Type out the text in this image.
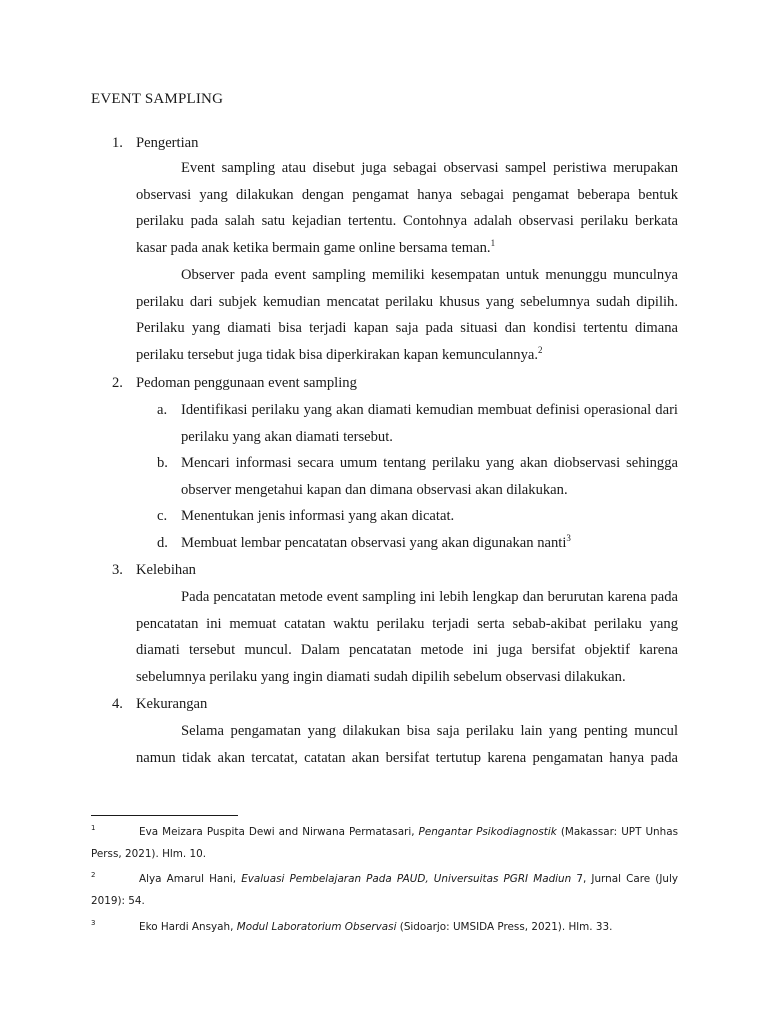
EVENT SAMPLING
1. Pengertian
Event sampling atau disebut juga sebagai observasi sampel peristiwa merupakan observasi yang dilakukan dengan pengamat hanya sebagai pengamat beberapa bentuk perilaku pada salah satu kejadian tertentu. Contohnya adalah observasi perilaku berkata kasar pada anak ketika bermain game online bersama teman.$^1$
Observer pada event sampling memiliki kesempatan untuk menunggu munculnya perilaku dari subjek kemudian mencatat perilaku khusus yang sebelumnya sudah dipilih. Perilaku yang diamati bisa terjadi kapan saja pada situasi dan kondisi tertentu dimana perilaku tersebut juga tidak bisa diperkirakan kapan kemunculannya.$^2$
2. Pedoman penggunaan event sampling
a. Identifikasi perilaku yang akan diamati kemudian membuat definisi operasional dari perilaku yang akan diamati tersebut.
b. Mencari informasi secara umum tentang perilaku yang akan diobservasi sehingga observer mengetahui kapan dan dimana observasi akan dilakukan.
c. Menentukan jenis informasi yang akan dicatat.
d. Membuat lembar pencatatan observasi yang akan digunakan nanti$^3$
3. Kelebihan
Pada pencatatan metode event sampling ini lebih lengkap dan berurutan karena pada pencatatan ini memuat catatan waktu perilaku terjadi serta sebab-akibat perilaku yang diamati tersebut muncul. Dalam pencatatan metode ini juga bersifat objektif karena sebelumnya perilaku yang ingin diamati sudah dipilih sebelum observasi dilakukan.
4. Kekurangan
Selama pengamatan yang dilakukan bisa saja perilaku lain yang penting muncul namun tidak akan tercatat, catatan akan bersifat tertutup karena pengamatan hanya pada
1	Eva Meizara Puspita Dewi and Nirwana Permatasari, Pengantar Psikodiagnostik (Makassar: UPT Unhas Perss, 2021). Hlm. 10.
2	Alya Amarul Hani, Evaluasi Pembelajaran Pada PAUD, Universuitas PGRI Madiun 7, Jurnal Care (July 2019): 54.
3	Eko Hardi Ansyah, Modul Laboratorium Observasi (Sidoarjo: UMSIDA Press, 2021). Hlm. 33.
